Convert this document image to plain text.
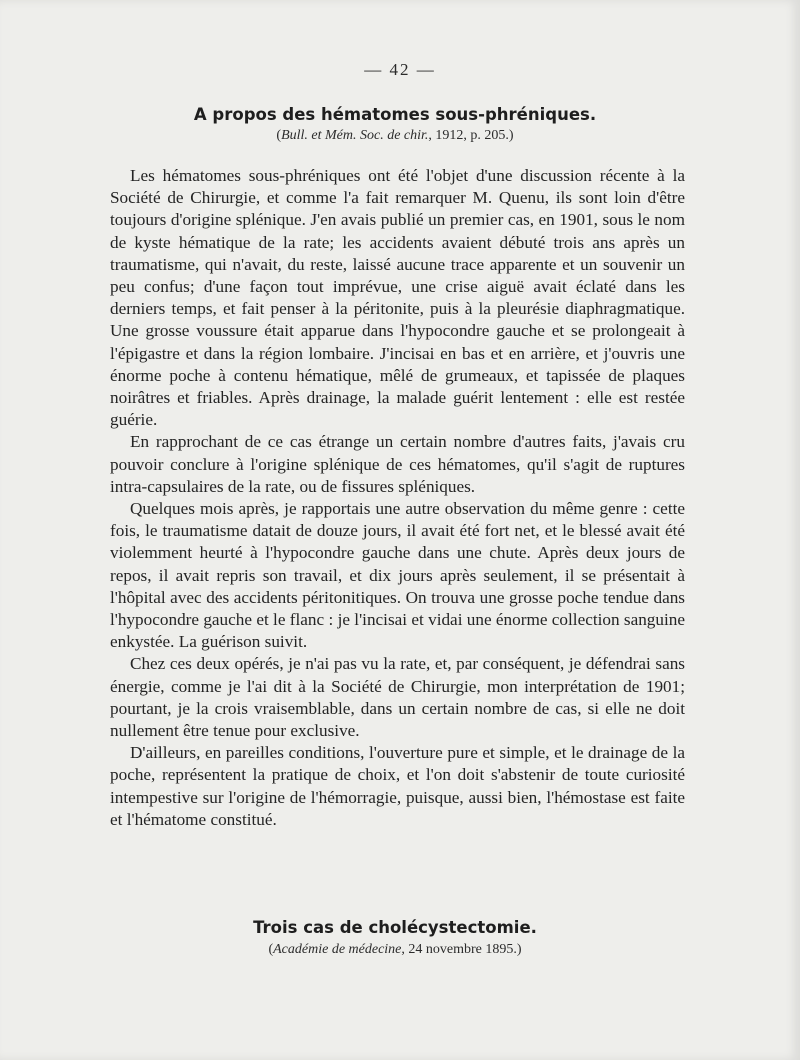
— 42 —
A propos des hématomes sous-phréniques.
(Bull. et Mém. Soc. de chir., 1912, p. 205.)

Les hématomes sous-phréniques ont été l'objet d'une discussion récente à la Société de Chirurgie, et comme l'a fait remarquer M. Quenu, ils sont loin d'être toujours d'origine splénique. J'en avais publié un premier cas, en 1901, sous le nom de kyste hématique de la rate; les accidents avaient débuté trois ans après un traumatisme, qui n'avait, du reste, laissé aucune trace apparente et un souvenir un peu confus; d'une façon tout imprévue, une crise aiguë avait éclaté dans les derniers temps, et fait penser à la péritonite, puis à la pleurésie diaphragmatique. Une grosse voussure était apparue dans l'hypocondre gauche et se prolongeait à l'épigastre et dans la région lombaire. J'incisai en bas et en arrière, et j'ouvris une énorme poche à contenu hématique, mêlé de grumeaux, et tapissée de plaques noirâtres et friables. Après drainage, la malade guérit lentement : elle est restée guérie.

En rapprochant de ce cas étrange un certain nombre d'autres faits, j'avais cru pouvoir conclure à l'origine splénique de ces hématomes, qu'il s'agit de ruptures intra-capsulaires de la rate, ou de fissures spléniques.

Quelques mois après, je rapportais une autre observation du même genre : cette fois, le traumatisme datait de douze jours, il avait été fort net, et le blessé avait été violemment heurté à l'hypocondre gauche dans une chute. Après deux jours de repos, il avait repris son travail, et dix jours après seulement, il se présentait à l'hôpital avec des accidents péritonitiques. On trouva une grosse poche tendue dans l'hypocondre gauche et le flanc : je l'incisai et vidai une énorme collection sanguine enkystée. La guérison suivit.

Chez ces deux opérés, je n'ai pas vu la rate, et, par conséquent, je défendrai sans énergie, comme je l'ai dit à la Société de Chirurgie, mon interprétation de 1901; pourtant, je la crois vraisemblable, dans un certain nombre de cas, si elle ne doit nullement être tenue pour exclusive.

D'ailleurs, en pareilles conditions, l'ouverture pure et simple, et le drainage de la poche, représentent la pratique de choix, et l'on doit s'abstenir de toute curiosité intempestive sur l'origine de l'hémorragie, puisque, aussi bien, l'hémostase est faite et l'hématome constitué.

Trois cas de cholécystectomie.
(Académie de médecine, 24 novembre 1895.)
